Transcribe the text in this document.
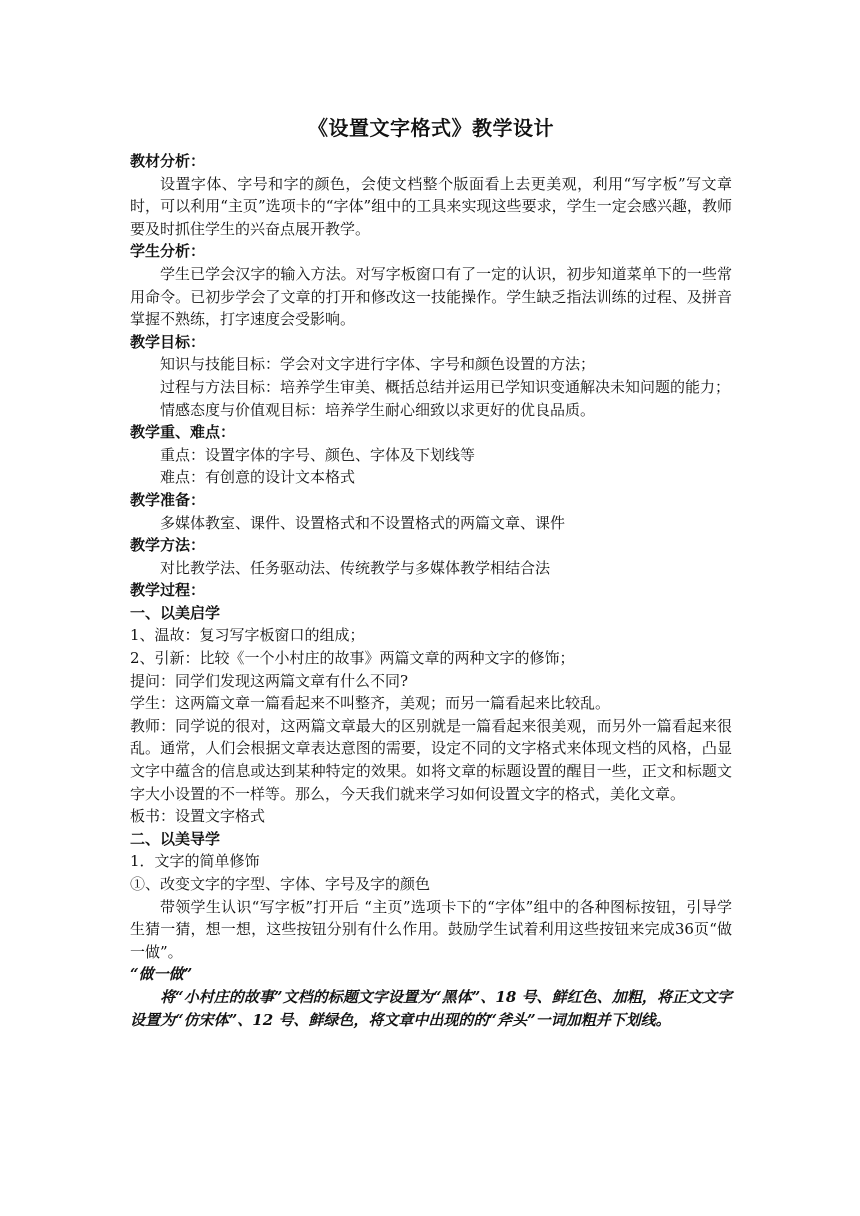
《设置文字格式》教学设计
教材分析：

设置字体、字号和字的颜色，会使文档整个版面看上去更美观，利用“写字板”写文章时，可以利用“主页”选项卡的“字体”组中的工具来实现这些要求，学生一定会感兴趣，教师要及时抓住学生的兴奋点展开教学。

学生分析：

学生已学会汉字的输入方法。对写字板窗口有了一定的认识，初步知道菜单下的一些常用命令。已初步学会了文章的打开和修改这一技能操作。学生缺乏指法训练的过程、及拼音掌握不熟练，打字速度会受影响。

教学目标：

知识与技能目标：学会对文字进行字体、字号和颜色设置的方法；

过程与方法目标：培养学生审美、概括总结并运用已学知识变通解决未知问题的能力；

情感态度与价值观目标：培养学生耐心细致以求更好的优良品质。

教学重、难点：

重点：设置字体的字号、颜色、字体及下划线等

难点：有创意的设计文本格式

教学准备：

多媒体教室、课件、设置格式和不设置格式的两篇文章、课件

教学方法：

对比教学法、任务驱动法、传统教学与多媒体教学相结合法

教学过程：
一、以美启学

1、温故：复习写字板窗口的组成；

2、引新：比较《一个小村庄的故事》两篇文章的两种文字的修饰；

提问：同学们发现这两篇文章有什么不同?

学生：这两篇文章一篇看起来不叫整齐，美观；而另一篇看起来比较乱。

教师：同学说的很对，这两篇文章最大的区别就是一篇看起来很美观，而另外一篇看起来很乱。通常，人们会根据文章表达意图的需要，设定不同的文字格式来体现文档的风格，凸显文字中蕴含的信息或达到某种特定的效果。如将文章的标题设置的醒目一些，正文和标题文字大小设置的不一样等。那么，今天我们就来学习如何设置文字的格式，美化文章。

板书：设置文字格式

二、以美导学

1．文字的简单修饰

①、改变文字的字型、字体、字号及字的颜色

带领学生认识“写字板”打开后 “主页”选项卡下的“字体”组中的各种图标按钮，引导学生猜一猜，想一想，这些按钮分别有什么作用。鼓励学生试着利用这些按钮来完成36页“做一做”。

“做一做”

将“小村庄的故事”文档的标题文字设置为“黑体”、18 号、鲜红色、加粗，将正文文字设置为“仿宋体”、12 号、鲜绿色，将文章中出现的的“斧头”一词加粗并下划线。
